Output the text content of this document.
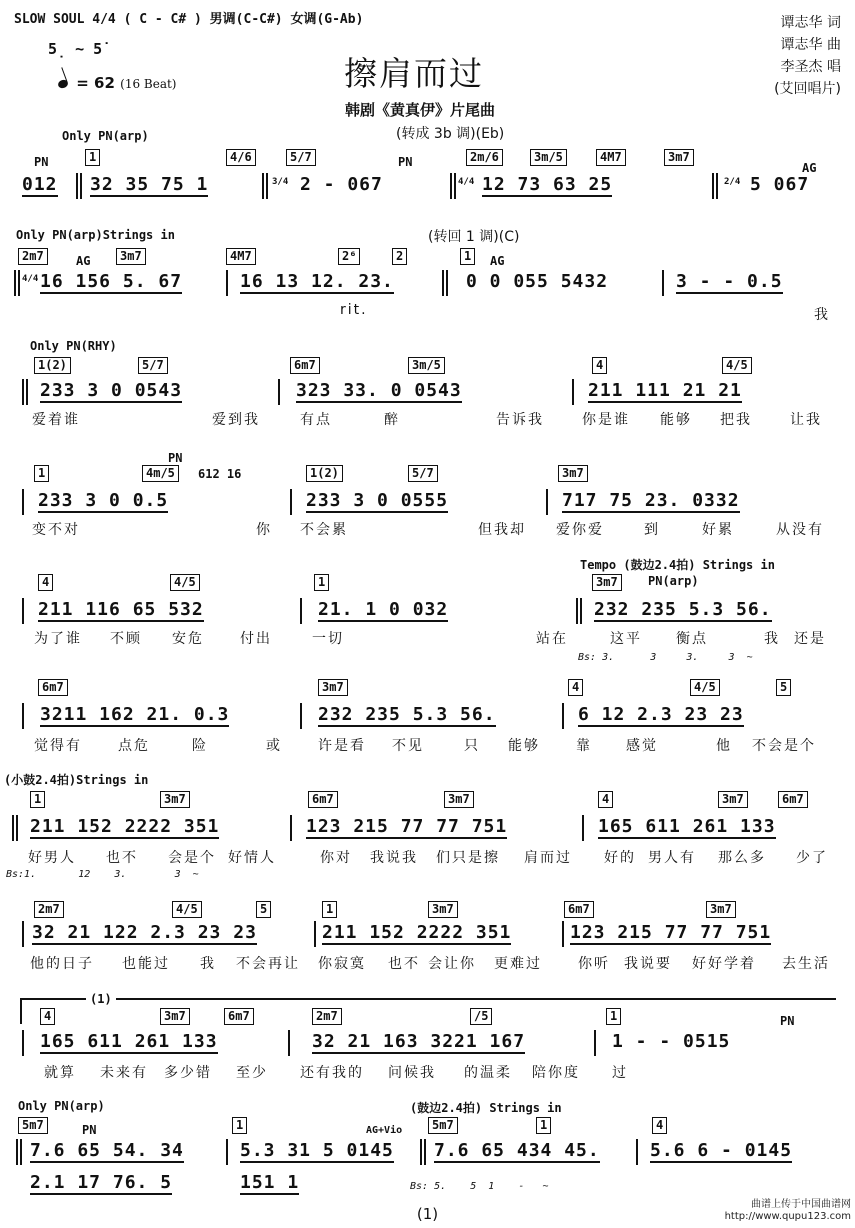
SLOW SOUL 4/4 ( C - C# ) 男调(C-C#) 女调(G-Ab)
5̣ ~ 5̇
= 62 (16 Beat)	擦肩而过
韩剧《黄真伊》片尾曲
谭志华 词
谭志华 曲
李圣杰 唱
(艾回唱片)
Only PN(arp)	(转成 3b 调)(Eb)
PN	1	4/6	5/7	PN	2m/6	3m/5	4M7	3m7
AG
012 32 35 75 1	3/4 2 - 067	4/4 12 73 63 25	2/4 5 067
Only PN(arp)Strings in	(转回 1 调)(C)
2m7	AG	3m7	4M7	2⁶	2	1	AG
4/4 16 156 5. 67	16 13 12. 23.	0 0 055 5432	3 - - 0.5
rit.	我
Only PN(RHY)
1(2)	5/7	6m7	3m/5	4	4/5
233 3 0 0543	323 33. 0 0543	211 111 21 21
爱着谁	爱到我	有点	醉	告诉我	你是谁 能够 把我	让我
PN
1	4m/5	612 16	1(2)	5/7	3m7
233 3 0 0.5	233 3 0 0555	717 75 23. 0332
变不对	你 不会累	但我却 爱你爱	到	好累	从没有
Tempo (鼓边2.4拍) Strings in
PN(arp)
4	4/5	1	3m7
211 116 65 532	21. 1 0 032	232 235 5.3 56.
为了谁 不顾 安危	付出	一切	站在	这平 衡点	我 还是
Bs: 3.      3     3.     3  ~
6m7	3m7	4	4/5	5
3211 162 21. 0.3	232 235 5.3 56.	6 12 2.3 23 23
觉得有	点危	险	或	许是看 不见	只 能够	靠 感觉	他 不会是个
(小鼓2.4拍)Strings in
1	3m7	6m7	3m7	4	3m7	6m7
211 152 2222 351	123 215 77 77 751	165 611 261 133
好男人 也不 会是个 好情人	你对 我说我 们只是擦 肩而过 好的 男人有 那么多 少了
Bs:1.       12    3.        3  ~
2m7	4/5	5	1	3m7	6m7	3m7
32 21 122 2.3 23 23	211 152 2222 351	123 215 77 77 751
他的日子 也能过 我 不会再让 你寂寞 也不 会让你 更难过	你听 我说要 好好学着 去生活
(1)
4	3m7	6m7	2m7	/5	1	PN
165 611 261 133	32 21 163 3221 167	1 - - 0515
就算 未来有 多少错 至少 还有我的 问候我 的温柔 陪你度 过
Only PN(arp)	(鼓边2.4拍) Strings in
5m7	PN	1	AG+Vio	5m7	1	4
7.6 65 54. 34	5.3 31 5 0145 7.6 65 434 45.	5.6 6 - 0145
2.1 17 76. 5	151 1	Bs: 5.    5  1    -   ~
(1)
曲谱上传于中国曲谱网
http://www.qupu123.com
